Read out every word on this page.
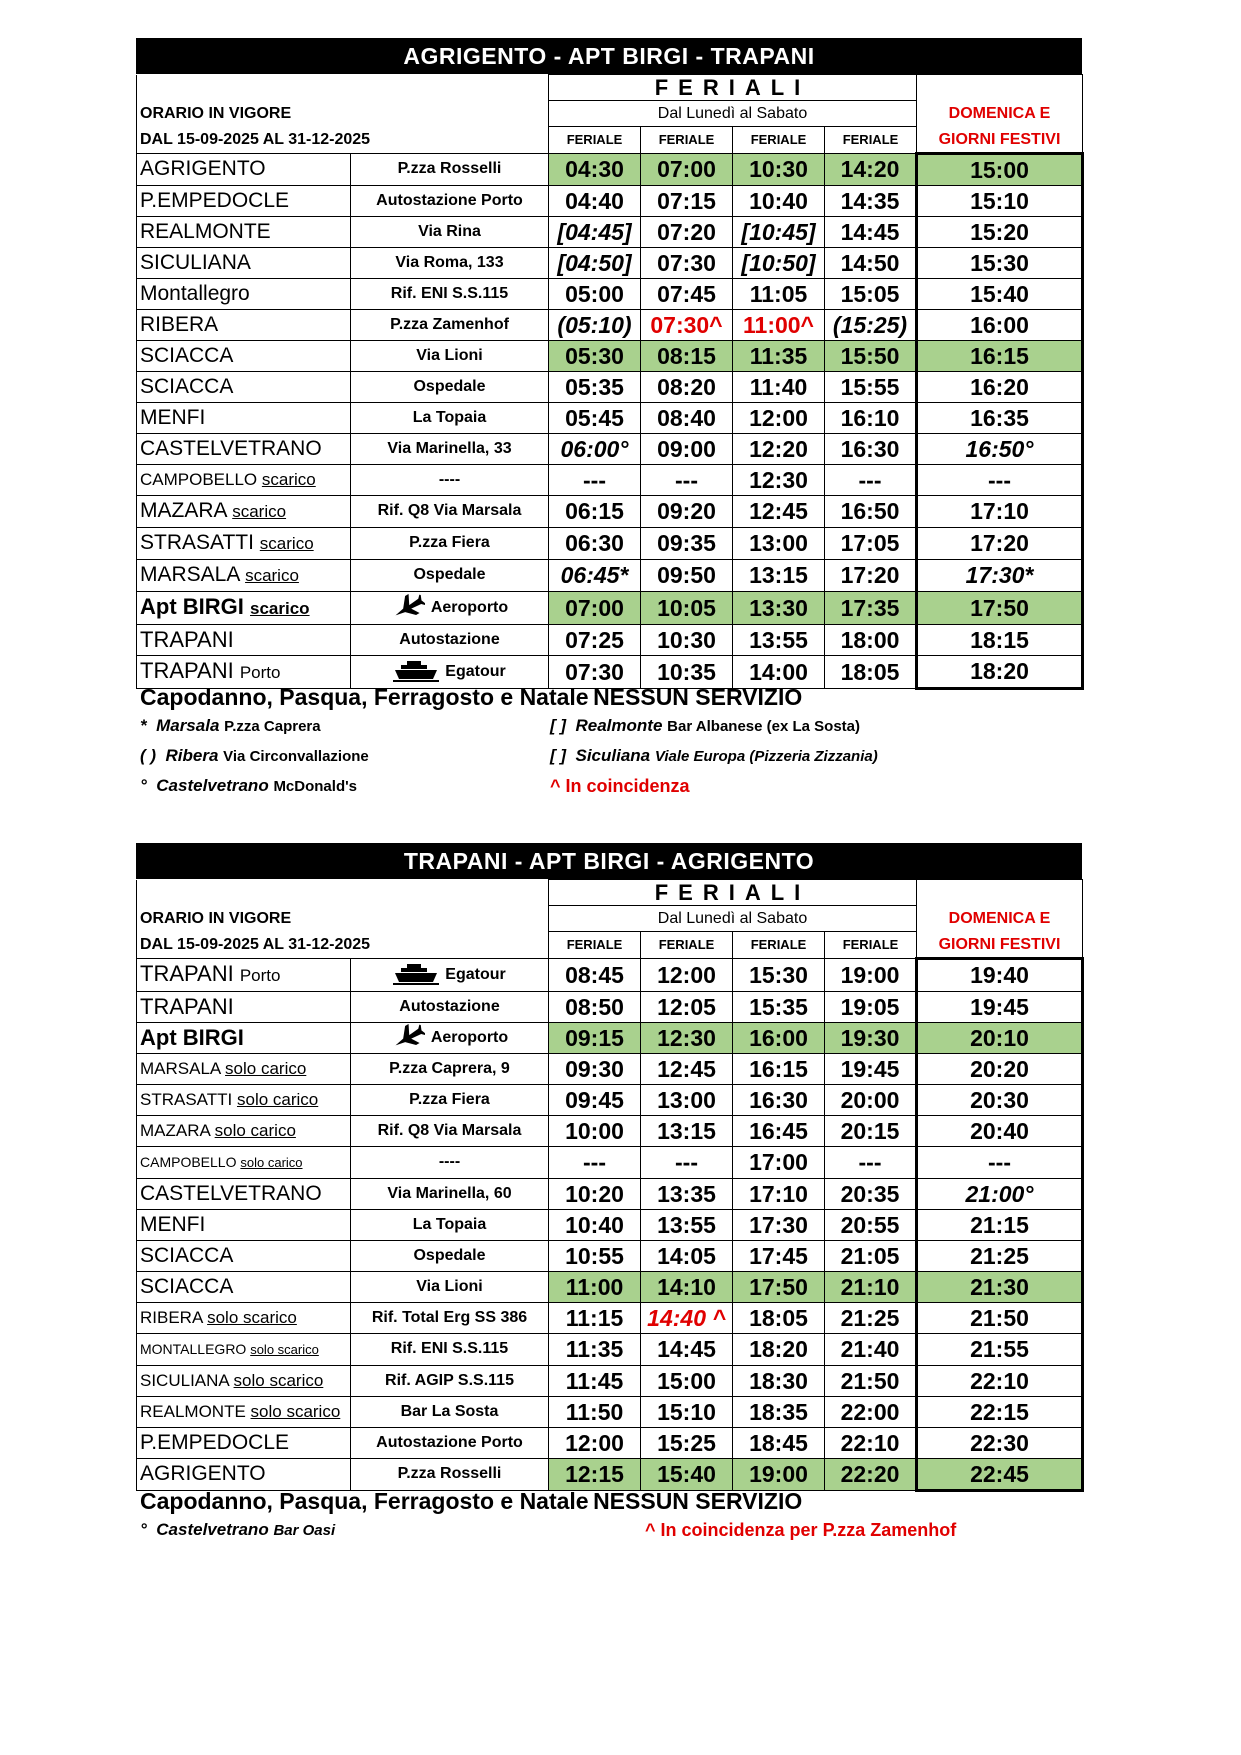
AGRIGENTO - APT BIRGI - TRAPANI
		FERIALI				
ORARIO IN VIGORE		Dal Lunedì al Sabato				DOMENICA E
DAL 15-09-2025 AL 31-12-2025		FERIALE	FERIALE	FERIALE	FERIALE	GIORNI FESTIVI
AGRIGENTO	P.zza Rosselli	04:30	07:00	10:30	14:20	15:00
P.EMPEDOCLE	Autostazione Porto	04:40	07:15	10:40	14:35	15:10
REALMONTE	Via Rina	[04:45]	07:20	[10:45]	14:45	15:20
SICULIANA	Via Roma, 133	[04:50]	07:30	[10:50]	14:50	15:30
Montallegro	Rif. ENI S.S.115	05:00	07:45	11:05	15:05	15:40
RIBERA	P.zza Zamenhof	(05:10)	07:30^	11:00^	(15:25)	16:00
SCIACCA	Via Lioni	05:30	08:15	11:35	15:50	16:15
SCIACCA	Ospedale	05:35	08:20	11:40	15:55	16:20
MENFI	La Topaia	05:45	08:40	12:00	16:10	16:35
CASTELVETRANO	Via Marinella, 33	06:00°	09:00	12:20	16:30	16:50°
CAMPOBELLO scarico	----	---	---	12:30	---	---
MAZARA scarico	Rif. Q8 Via Marsala	06:15	09:20	12:45	16:50	17:10
STRASATTI scarico	P.zza Fiera	06:30	09:35	13:00	17:05	17:20
MARSALA scarico	Ospedale	06:45*	09:50	13:15	17:20	17:30*
Apt BIRGI scarico	Aeroporto	07:00	10:05	13:30	17:35	17:50
TRAPANI	Autostazione	07:25	10:30	13:55	18:00	18:15
TRAPANI Porto	Egatour	07:30	10:35	14:00	18:05	18:20
Capodanno, Pasqua, Ferragosto e Natale NESSUN SERVIZIO
* Marsala P.zza Caprera	[ ] Realmonte Bar Albanese (ex La Sosta)
( ) Ribera Via Circonvallazione	[ ] Siculiana Viale Europa (Pizzeria Zizzania)
° Castelvetrano McDonald's	^ In coincidenza
TRAPANI - APT BIRGI - AGRIGENTO
		FERIALI				
ORARIO IN VIGORE		Dal Lunedì al Sabato				DOMENICA E
DAL 15-09-2025 AL 31-12-2025		FERIALE	FERIALE	FERIALE	FERIALE	GIORNI FESTIVI
TRAPANI Porto	Egatour	08:45	12:00	15:30	19:00	19:40
TRAPANI	Autostazione	08:50	12:05	15:35	19:05	19:45
Apt BIRGI	Aeroporto	09:15	12:30	16:00	19:30	20:10
MARSALA solo carico	P.zza Caprera, 9	09:30	12:45	16:15	19:45	20:20
STRASATTI solo carico	P.zza Fiera	09:45	13:00	16:30	20:00	20:30
MAZARA solo carico	Rif. Q8 Via Marsala	10:00	13:15	16:45	20:15	20:40
CAMPOBELLO solo carico	----	---	---	17:00	---	---
CASTELVETRANO	Via Marinella, 60	10:20	13:35	17:10	20:35	21:00°
MENFI	La Topaia	10:40	13:55	17:30	20:55	21:15
SCIACCA	Ospedale	10:55	14:05	17:45	21:05	21:25
SCIACCA	Via Lioni	11:00	14:10	17:50	21:10	21:30
RIBERA solo scarico	Rif. Total Erg SS 386	11:15	14:40 ^	18:05	21:25	21:50
MONTALLEGRO solo scarico	Rif. ENI S.S.115	11:35	14:45	18:20	21:40	21:55
SICULIANA solo scarico	Rif. AGIP S.S.115	11:45	15:00	18:30	21:50	22:10
REALMONTE solo scarico	Bar La Sosta	11:50	15:10	18:35	22:00	22:15
P.EMPEDOCLE	Autostazione Porto	12:00	15:25	18:45	22:10	22:30
AGRIGENTO	P.zza Rosselli	12:15	15:40	19:00	22:20	22:45
Capodanno, Pasqua, Ferragosto e Natale NESSUN SERVIZIO
° Castelvetrano Bar Oasi	^ In coincidenza per P.zza Zamenhof
